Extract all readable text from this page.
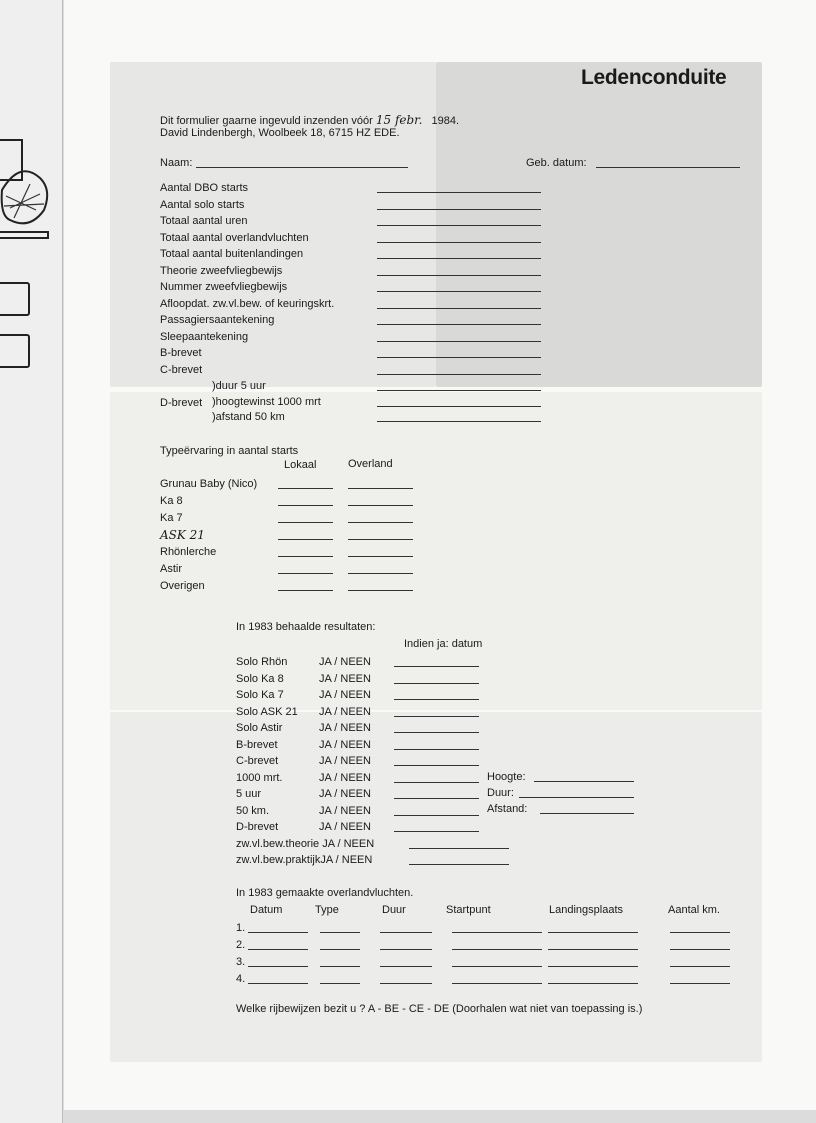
Ledenconduite
Dit formulier gaarne ingevuld inzenden vóór 15 febr. 1984.
David Lindenbergh, Woolbeek 18, 6715 HZ EDE.
Naam:	Geb. datum:
Aantal DBO starts
Aantal solo starts
Totaal aantal uren
Totaal aantal overlandvluchten
Totaal aantal buitenlandingen
Theorie zweefvliegbewijs
Nummer zweefvliegbewijs
Afloopdat. zw.vl.bew. of keuringskrt.
Passagiersaantekening
Sleepaantekening
B-brevet
C-brevet
)duur 5 uur
D-brevet )hoogtewinst 1000 mrt
)afstand 50 km
Typeërvaring in aantal starts
Lokaal	Overland
Grunau Baby (Nico)
Ka 8
Ka 7
ASK 21
Rhönlerche
Astir
Overigen
In 1983 behaalde resultaten:
Indien ja: datum
Solo Rhön	JA / NEEN
Solo Ka 8	JA / NEEN
Solo Ka 7	JA / NEEN
Solo ASK 21 JA / NEEN
Solo Astir	JA / NEEN
B-brevet	JA / NEEN
C-brevet	JA / NEEN
1000 mrt.	JA / NEEN
5 uur	JA / NEEN
50 km.	JA / NEEN
D-brevet	JA / NEEN
Hoogte:
Duur:
Afstand:
zw.vl.bew.theorie JA / NEEN
zw.vl.bew.praktijkJA / NEEN
In 1983 gemaakte overlandvluchten.
Datum	Type	Duur	Startpunt	Landingsplaats	Aantal km.
1.
2.
3.
4.
Welke rijbewijzen bezit u ? A - BE - CE - DE (Doorhalen wat niet van toepassing is.)
